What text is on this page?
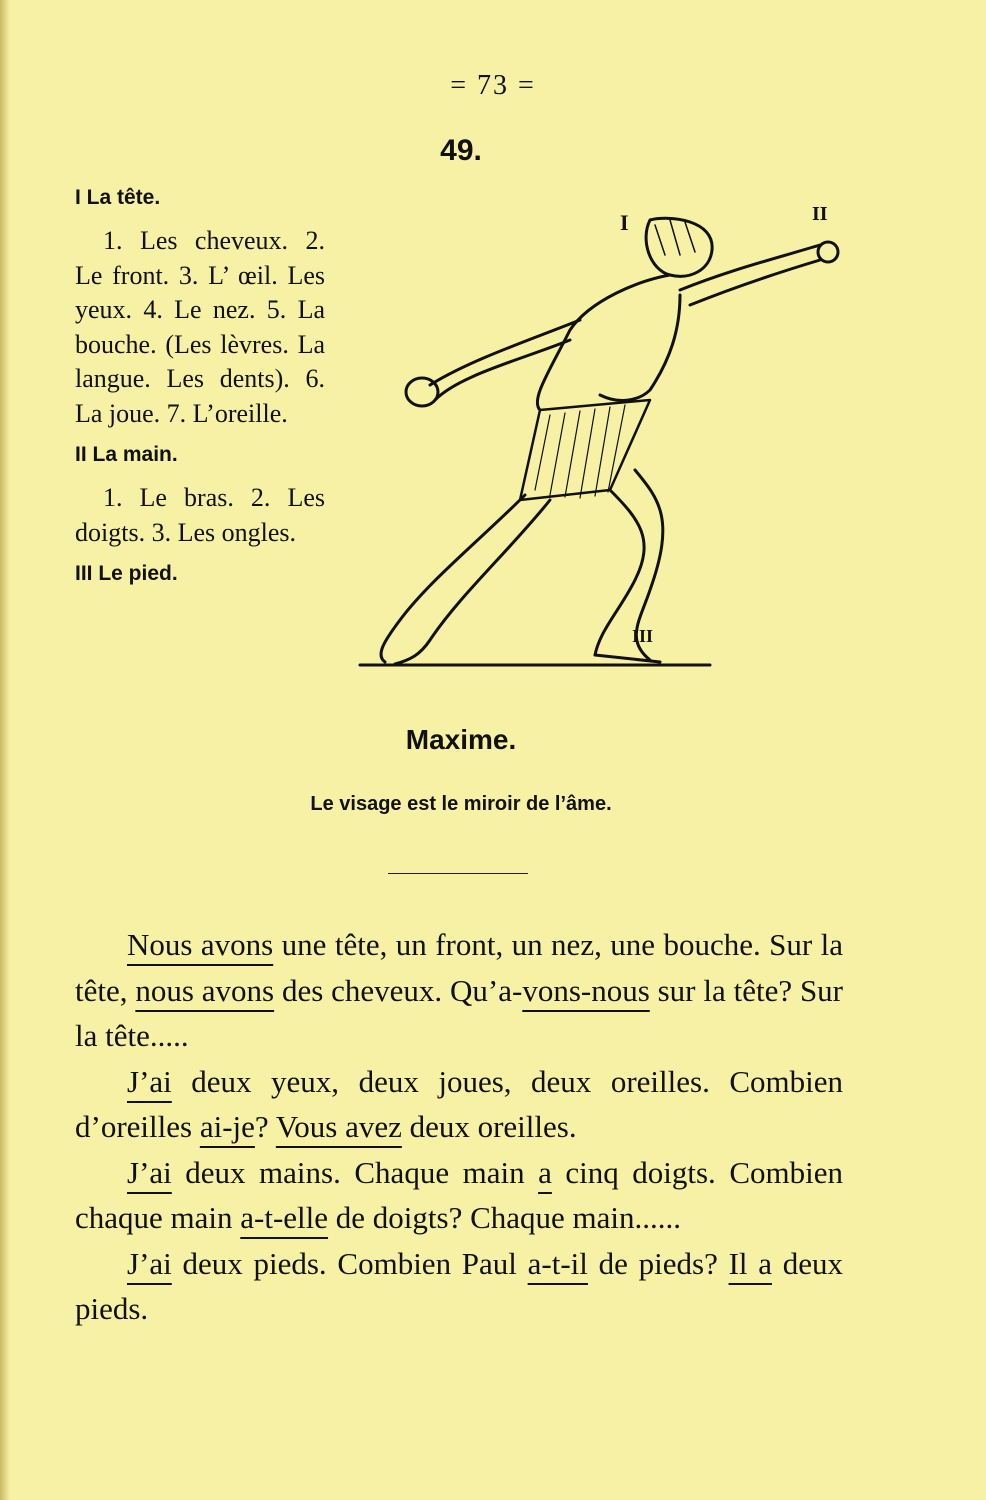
= 73 =
49.
I La tête.
1. Les cheveux. 2. Le front. 3. L’ œil. Les yeux. 4. Le nez. 5. La bouche. (Les lèvres. La langue. Les dents). 6. La joue. 7. L’oreille.
II La main.
1. Le bras. 2. Les doigts. 3. Les ongles.
III Le pied.
I	II
III
Maxime.
Le visage est le miroir de l’âme.

Nous avons une tête, un front, un nez, une bouche. Sur la tête, nous avons des cheveux. Qu’a-vons-nous sur la tête? Sur la tête.....

J’ai deux yeux, deux joues, deux oreilles. Combien d’oreilles ai-je? Vous avez deux oreilles.

J’ai deux mains. Chaque main a cinq doigts. Combien chaque main a-t-elle de doigts? Chaque main......

J’ai deux pieds. Combien Paul a-t-il de pieds? Il a deux pieds.
